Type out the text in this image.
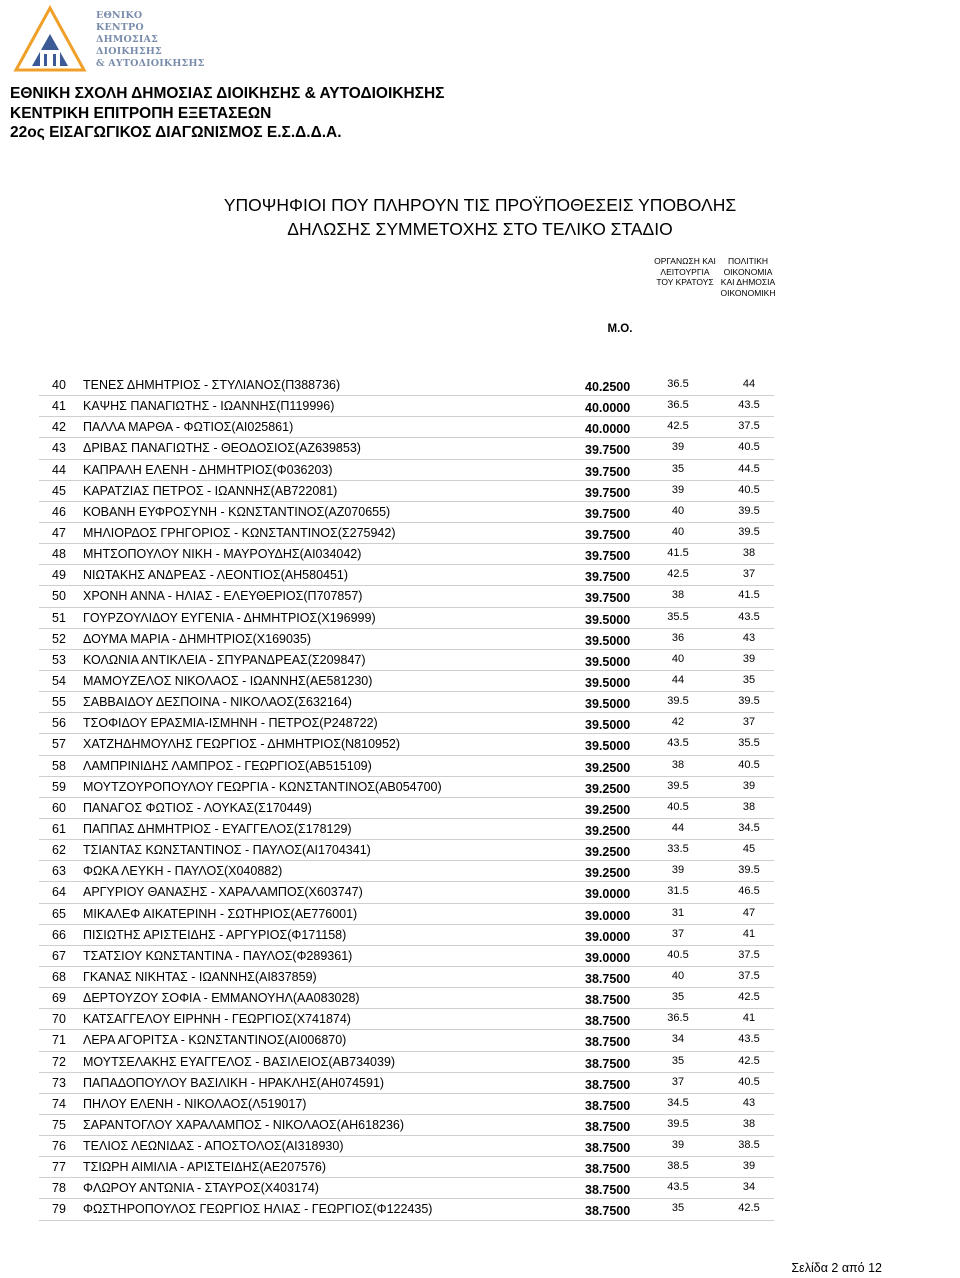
ΕΘΝΙΚΟ
ΚΕΝΤΡΟ
ΔΗΜΟΣΙΑΣ
ΔΙΟΙΚΗΣΗΣ
& ΑΥΤΟΔΙΟΙΚΗΣΗΣ
ΕΘΝΙΚΗ ΣΧΟΛΗ ΔΗΜΟΣΙΑΣ ΔΙΟΙΚΗΣΗΣ & ΑΥΤΟΔΙΟΙΚΗΣΗΣ
ΚΕΝΤΡΙΚΗ ΕΠΙΤΡΟΠΗ ΕΞΕΤΑΣΕΩΝ
22ος ΕΙΣΑΓΩΓΙΚΟΣ ΔΙΑΓΩΝΙΣΜΟΣ Ε.Σ.Δ.Δ.Α.
ΥΠΟΨΗΦΙΟΙ ΠΟΥ ΠΛΗΡΟΥΝ ΤΙΣ ΠΡΟΫΠΟΘΕΣΕΙΣ ΥΠΟΒΟΛΗΣ
ΔΗΛΩΣΗΣ ΣΥΜΜΕΤΟΧΗΣ ΣΤΟ ΤΕΛΙΚΟ ΣΤΑΔΙΟ
ΟΡΓΑΝΩΣΗ ΚΑΙ
ΛΕΙΤΟΥΡΓΙΑ
ΤΟΥ ΚΡΑΤΟΥΣ
ΠΟΛΙΤΙΚΗ
ΟΙΚΟΝΟΜΙΑ
ΚΑΙ ΔΗΜΟΣΙΑ
ΟΙΚΟΝΟΜΙΚΗ
Μ.Ο.
40 ΤΕΝΕΣ ΔΗΜΗΤΡΙΟΣ - ΣΤΥΛΙΑΝΟΣ(Π388736)	40.2500	36.5	44
41 ΚΑΨΗΣ ΠΑΝΑΓΙΩΤΗΣ - ΙΩΑΝΝΗΣ(Π119996)	40.0000	36.5	43.5
42 ΠΑΛΛΑ ΜΑΡΘΑ - ΦΩΤΙΟΣ(ΑΙ025861)	40.0000	42.5	37.5
43 ΔΡΙΒΑΣ ΠΑΝΑΓΙΩΤΗΣ - ΘΕΟΔΟΣΙΟΣ(ΑΖ639853)	39.7500	39	40.5
44 ΚΑΠΡΑΛΗ ΕΛΕΝΗ - ΔΗΜΗΤΡΙΟΣ(Φ036203)	39.7500	35	44.5
45 ΚΑΡΑΤΖΙΑΣ ΠΕΤΡΟΣ - ΙΩΑΝΝΗΣ(ΑΒ722081)	39.7500	39	40.5
46 ΚΟΒΑΝΗ ΕΥΦΡΟΣΥΝΗ - ΚΩΝΣΤΑΝΤΙΝΟΣ(ΑΖ070655)	39.7500	40	39.5
47 ΜΗΛΙΟΡΔΟΣ ΓΡΗΓΟΡΙΟΣ - ΚΩΝΣΤΑΝΤΙΝΟΣ(Σ275942)	39.7500	40	39.5
48 ΜΗΤΣΟΠΟΥΛΟΥ ΝΙΚΗ - ΜΑΥΡΟΥΔΗΣ(ΑΙ034042)	39.7500	41.5	38
49 ΝΙΩΤΑΚΗΣ ΑΝΔΡΕΑΣ - ΛΕΟΝΤΙΟΣ(ΑΗ580451)	39.7500	42.5	37
50 ΧΡΟΝΗ ΑΝΝΑ - ΗΛΙΑΣ - ΕΛΕΥΘΕΡΙΟΣ(Π707857)	39.7500	38	41.5
51 ΓΟΥΡΖΟΥΛΙΔΟΥ ΕΥΓΕΝΙΑ - ΔΗΜΗΤΡΙΟΣ(Χ196999)	39.5000	35.5	43.5
52 ΔΟΥΜΑ ΜΑΡΙΑ - ΔΗΜΗΤΡΙΟΣ(Χ169035)	39.5000	36	43
53 ΚΟΛΩΝΙΑ ΑΝΤΙΚΛΕΙΑ - ΣΠΥΡΑΝΔΡΕΑΣ(Σ209847)	39.5000	40	39
54 ΜΑΜΟΥΖΕΛΟΣ ΝΙΚΟΛΑΟΣ - ΙΩΑΝΝΗΣ(ΑΕ581230)	39.5000	44	35
55 ΣΑΒΒΑΙΔΟΥ ΔΕΣΠΟΙΝΑ - ΝΙΚΟΛΑΟΣ(Σ632164)	39.5000	39.5	39.5
56 ΤΣΟΦΙΔΟΥ ΕΡΑΣΜΙΑ-ΙΣΜΗΝΗ - ΠΕΤΡΟΣ(Ρ248722)	39.5000	42	37
57 ΧΑΤΖΗΔΗΜΟΥΛΗΣ ΓΕΩΡΓΙΟΣ - ΔΗΜΗΤΡΙΟΣ(Ν810952)	39.5000	43.5	35.5
58 ΛΑΜΠΡΙΝΙΔΗΣ ΛΑΜΠΡΟΣ - ΓΕΩΡΓΙΟΣ(ΑΒ515109)	39.2500	38	40.5
59 ΜΟΥΤΖΟΥΡΟΠΟΥΛΟΥ ΓΕΩΡΓΙΑ - ΚΩΝΣΤΑΝΤΙΝΟΣ(ΑΒ054700)	39.2500	39.5	39
60 ΠΑΝΑΓΟΣ ΦΩΤΙΟΣ - ΛΟΥΚΑΣ(Σ170449)	39.2500	40.5	38
61 ΠΑΠΠΑΣ ΔΗΜΗΤΡΙΟΣ - ΕΥΑΓΓΕΛΟΣ(Σ178129)	39.2500	44	34.5
62 ΤΣΙΑΝΤΑΣ ΚΩΝΣΤΑΝΤΙΝΟΣ - ΠΑΥΛΟΣ(ΑΙ1704341)	39.2500	33.5	45
63 ΦΩΚΑ ΛΕΥΚΗ - ΠΑΥΛΟΣ(Χ040882)	39.2500	39	39.5
64 ΑΡΓΥΡΙΟΥ ΘΑΝΑΣΗΣ - ΧΑΡΑΛΑΜΠΟΣ(Χ603747)	39.0000	31.5	46.5
65 ΜΙΚΑΛΕΦ ΑΙΚΑΤΕΡΙΝΗ - ΣΩΤΗΡΙΟΣ(ΑΕ776001)	39.0000	31	47
66 ΠΙΣΙΩΤΗΣ ΑΡΙΣΤΕΙΔΗΣ - ΑΡΓΥΡΙΟΣ(Φ171158)	39.0000	37	41
67 ΤΣΑΤΣΙΟΥ ΚΩΝΣΤΑΝΤΙΝΑ - ΠΑΥΛΟΣ(Φ289361)	39.0000	40.5	37.5
68 ΓΚΑΝΑΣ ΝΙΚΗΤΑΣ - ΙΩΑΝΝΗΣ(ΑΙ837859)	38.7500	40	37.5
69 ΔΕΡΤΟΥΖΟΥ ΣΟΦΙΑ - ΕΜΜΑΝΟΥΗΛ(ΑΑ083028)	38.7500	35	42.5
70 ΚΑΤΣΑΓΓΕΛΟΥ ΕΙΡΗΝΗ - ΓΕΩΡΓΙΟΣ(Χ741874)	38.7500	36.5	41
71 ΛΕΡΑ ΑΓΟΡΙΤΣΑ - ΚΩΝΣΤΑΝΤΙΝΟΣ(ΑΙ006870)	38.7500	34	43.5
72 ΜΟΥΤΣΕΛΑΚΗΣ ΕΥΑΓΓΕΛΟΣ - ΒΑΣΙΛΕΙΟΣ(ΑΒ734039)	38.7500	35	42.5
73 ΠΑΠΑΔΟΠΟΥΛΟΥ ΒΑΣΙΛΙΚΗ - ΗΡΑΚΛΗΣ(ΑΗ074591)	38.7500	37	40.5
74 ΠΗΛΟΥ ΕΛΕΝΗ - ΝΙΚΟΛΑΟΣ(Λ519017)	38.7500	34.5	43
75 ΣΑΡΑΝΤΟΓΛΟΥ ΧΑΡΑΛΑΜΠΟΣ - ΝΙΚΟΛΑΟΣ(ΑΗ618236)	38.7500	39.5	38
76 ΤΕΛΙΟΣ ΛΕΩΝΙΔΑΣ - ΑΠΟΣΤΟΛΟΣ(ΑΙ318930)	38.7500	39	38.5
77 ΤΣΙΩΡΗ ΑΙΜΙΛΙΑ - ΑΡΙΣΤΕΙΔΗΣ(ΑΕ207576)	38.7500	38.5	39
78 ΦΛΩΡΟΥ ΑΝΤΩΝΙΑ - ΣΤΑΥΡΟΣ(Χ403174)	38.7500	43.5	34
79 ΦΩΣΤΗΡΟΠΟΥΛΟΣ ΓΕΩΡΓΙΟΣ ΗΛΙΑΣ - ΓΕΩΡΓΙΟΣ(Φ122435)	38.7500	35	42.5
Σελίδα 2 από 12
